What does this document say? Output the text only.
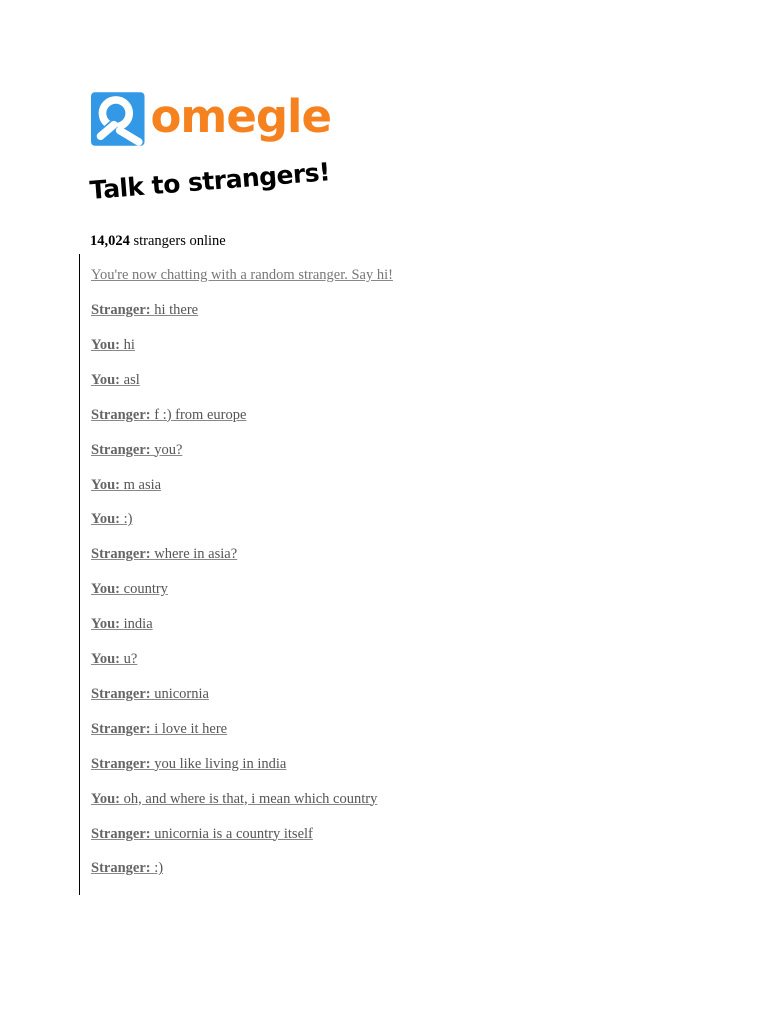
omegle
Talk to strangers!
14,024 strangers online
You're now chatting with a random stranger. Say hi!
Stranger: hi there
You: hi
You: asl
Stranger: f :) from europe
Stranger: you?
You: m asia
You: :)
Stranger: where in asia?
You: country
You: india
You: u?
Stranger: unicornia
Stranger: i love it here
Stranger: you like living in india
You: oh, and where is that, i mean which country
Stranger: unicornia is a country itself
Stranger: :)
